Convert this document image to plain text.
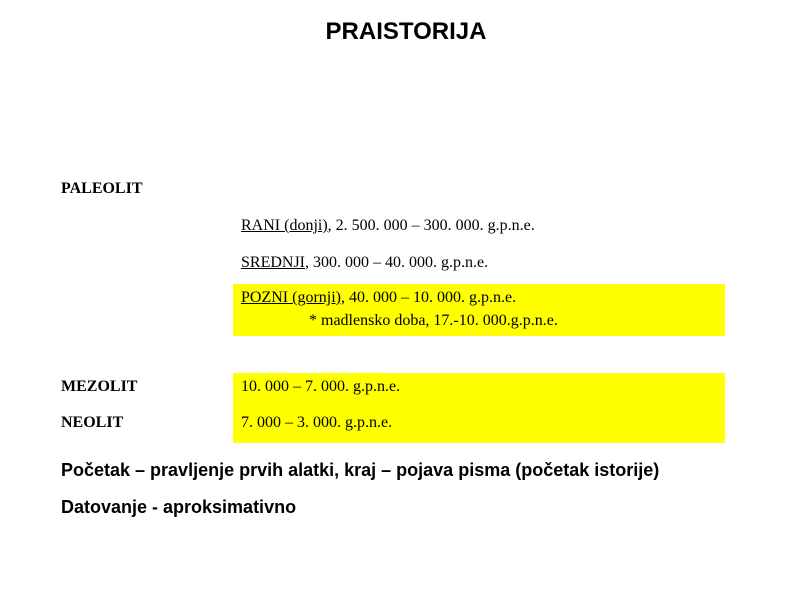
PRAISTORIJA
PALEOLIT
RANI (donji), 2. 500. 000 – 300. 000. g.p.n.e.
SREDNJI, 300. 000 – 40. 000. g.p.n.e.
POZNI (gornji), 40. 000 – 10. 000. g.p.n.e.
* madlensko doba, 17.-10. 000.g.p.n.e.
MEZOLIT	10. 000 – 7. 000. g.p.n.e.
NEOLIT	7. 000 – 3. 000. g.p.n.e.
Početak – pravljenje prvih alatki, kraj – pojava pisma (početak istorije)
Datovanje - aproksimativno
